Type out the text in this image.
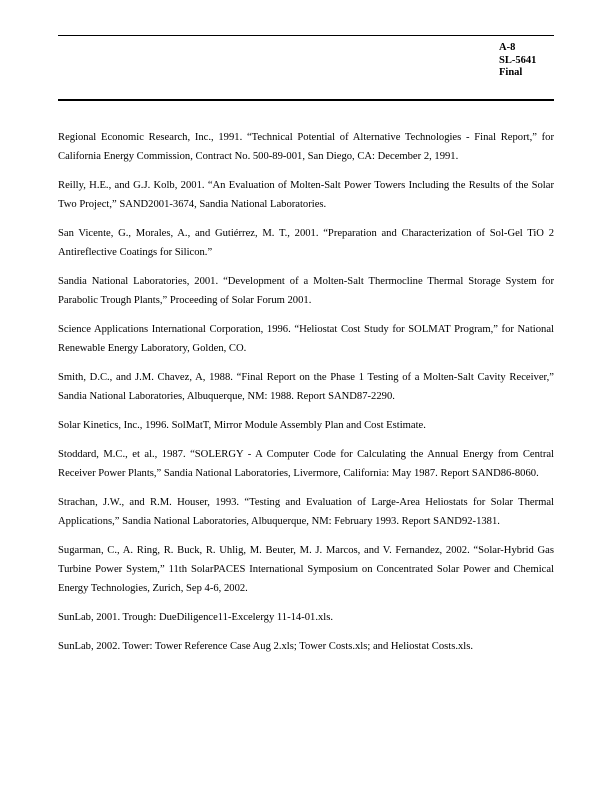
A-8
SL-5641
Final

Regional Economic Research, Inc., 1991. “Technical Potential of Alternative Technologies - Final Report,” for California Energy Commission, Contract No. 500-89-001, San Diego, CA: December 2, 1991.

Reilly, H.E., and G.J. Kolb, 2001. “An Evaluation of Molten-Salt Power Towers Including the Results of the Solar Two Project,” SAND2001-3674, Sandia National Laboratories.

San Vicente, G., Morales, A., and Gutiérrez, M. T., 2001. “Preparation and Characterization of Sol-Gel TiO 2 Antireflective Coatings for Silicon.”

Sandia National Laboratories, 2001. “Development of a Molten-Salt Thermocline Thermal Storage System for Parabolic Trough Plants,” Proceeding of Solar Forum 2001.

Science Applications International Corporation, 1996. “Heliostat Cost Study for SOLMAT Program,” for National Renewable Energy Laboratory, Golden, CO.

Smith, D.C., and J.M. Chavez, A, 1988. “Final Report on the Phase 1 Testing of a Molten-Salt Cavity Receiver,” Sandia National Laboratories, Albuquerque, NM: 1988. Report SAND87-2290.

Solar Kinetics, Inc., 1996. SolMatT, Mirror Module Assembly Plan and Cost Estimate.

Stoddard, M.C., et al., 1987. “SOLERGY - A Computer Code for Calculating the Annual Energy from Central Receiver Power Plants,” Sandia National Laboratories, Livermore, California: May 1987. Report SAND86-8060.

Strachan, J.W., and R.M. Houser, 1993. “Testing and Evaluation of Large-Area Heliostats for Solar Thermal Applications,” Sandia National Laboratories, Albuquerque, NM: February 1993. Report SAND92-1381.

Sugarman, C., A. Ring, R. Buck, R. Uhlig, M. Beuter, M. J. Marcos, and V. Fernandez, 2002. “Solar-Hybrid Gas Turbine Power System,” 11th SolarPACES International Symposium on Concentrated Solar Power and Chemical Energy Technologies, Zurich, Sep 4-6, 2002.

SunLab, 2001. Trough: DueDiligence11-Excelergy 11-14-01.xls.

SunLab, 2002. Tower: Tower Reference Case Aug 2.xls; Tower Costs.xls; and Heliostat Costs.xls.
